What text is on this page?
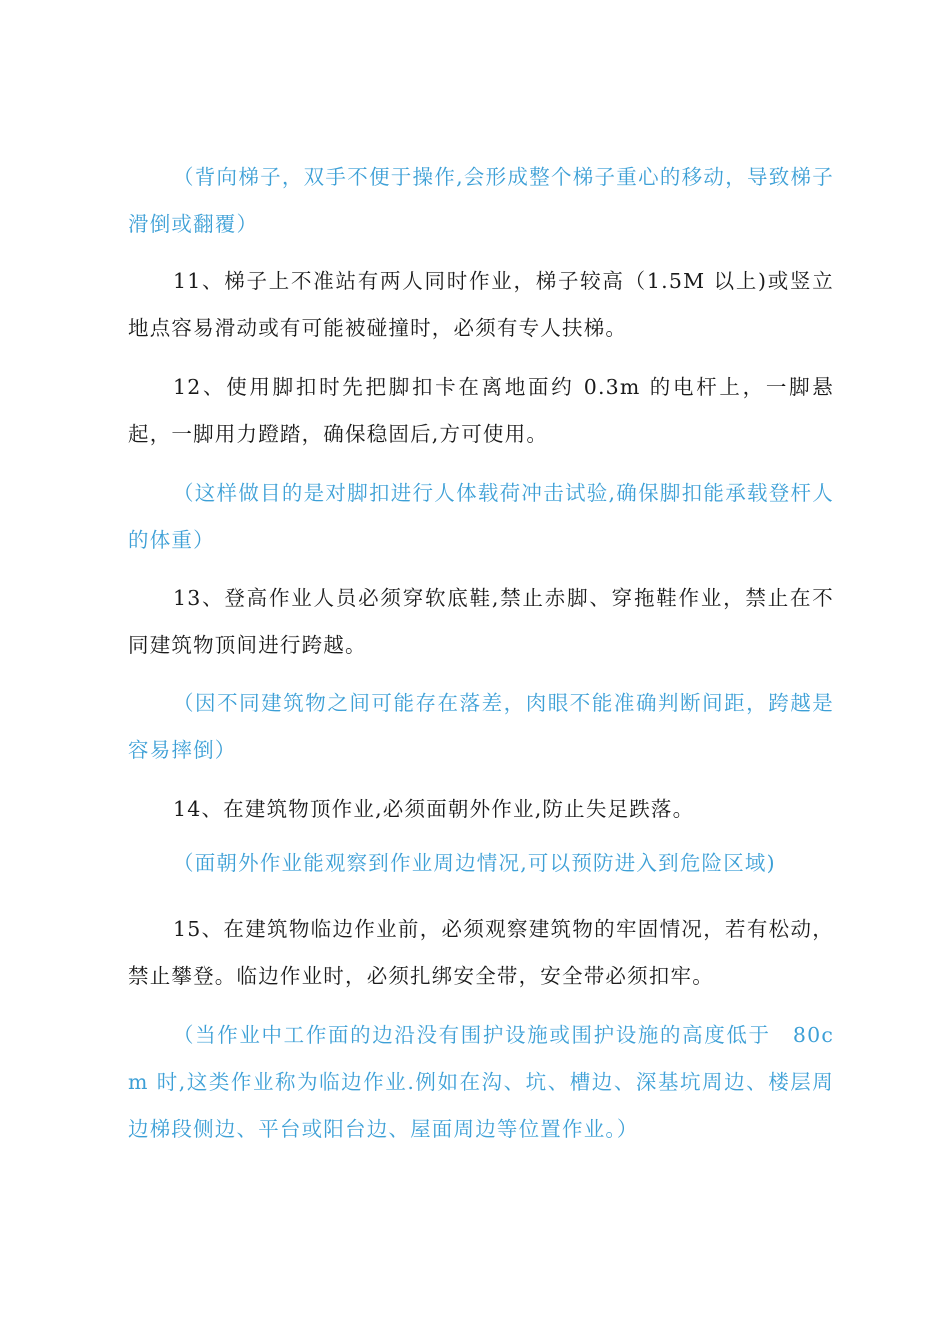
（背向梯子，双手不便于操作,会形成整个梯子重心的移动，导致梯子滑倒或翻覆）

11、梯子上不准站有两人同时作业，梯子较高（1.5M 以上)或竖立地点容易滑动或有可能被碰撞时，必须有专人扶梯。

12、使用脚扣时先把脚扣卡在离地面约 0.3m 的电杆上，一脚悬起，一脚用力蹬踏，确保稳固后,方可使用。

（这样做目的是对脚扣进行人体载荷冲击试验,确保脚扣能承载登杆人的体重）

13、登高作业人员必须穿软底鞋,禁止赤脚、穿拖鞋作业，禁止在不同建筑物顶间进行跨越。

（因不同建筑物之间可能存在落差，肉眼不能准确判断间距，跨越是容易摔倒）

14、在建筑物顶作业,必须面朝外作业,防止失足跌落。

（面朝外作业能观察到作业周边情况,可以预防进入到危险区域)

15、在建筑物临边作业前，必须观察建筑物的牢固情况，若有松动，禁止攀登。临边作业时，必须扎绑安全带，安全带必须扣牢。

（当作业中工作面的边沿没有围护设施或围护设施的高度低于　80cm 时,这类作业称为临边作业.例如在沟、坑、槽边、深基坑周边、楼层周边梯段侧边、平台或阳台边、屋面周边等位置作业。）
